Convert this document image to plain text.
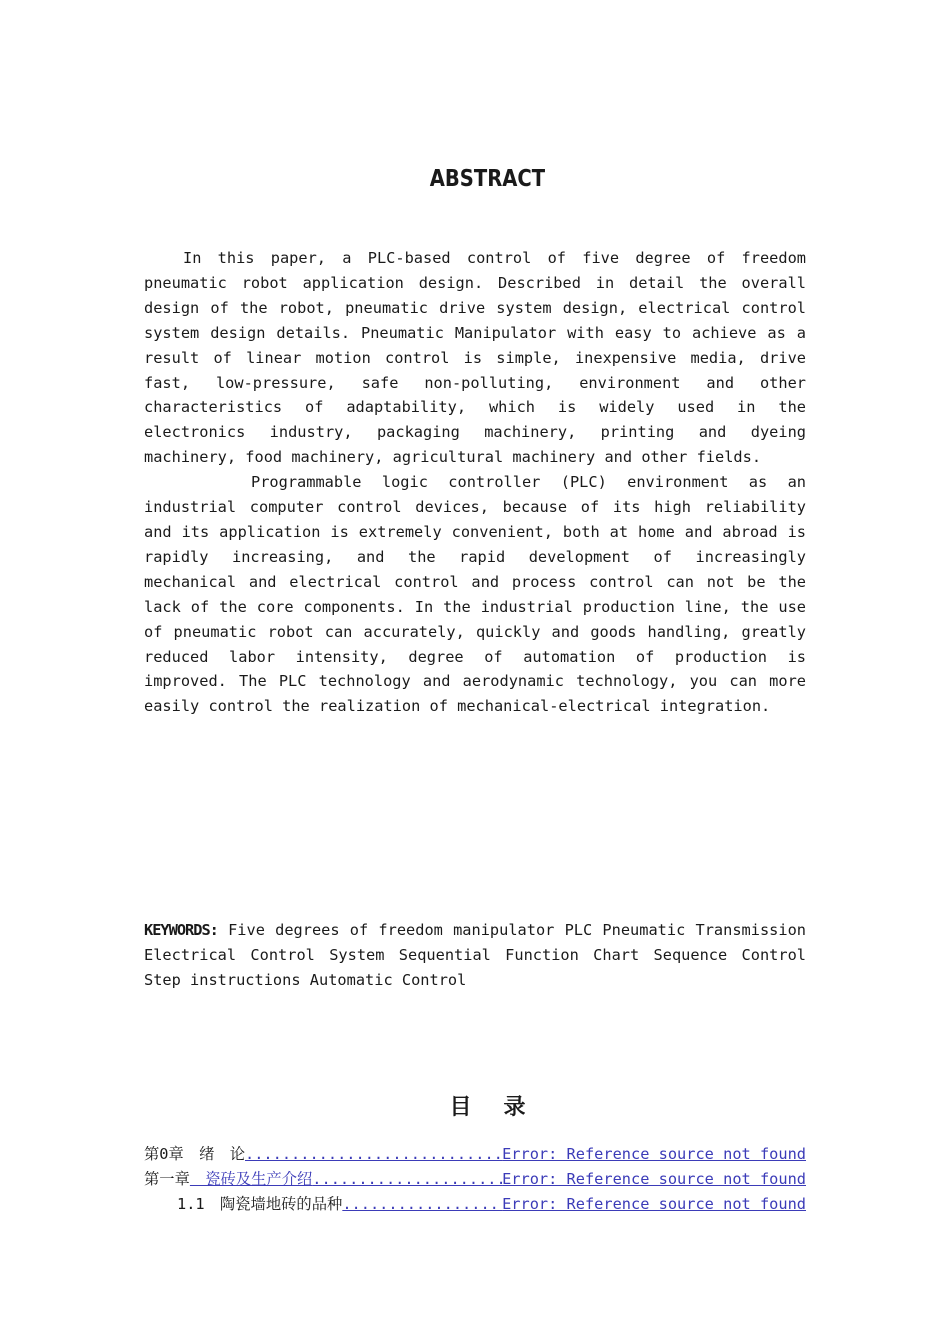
ABSTRACT

In this paper, a PLC-based control of five degree of freedom pneumatic robot application design. Described in detail the overall design of the robot, pneumatic drive system design, electrical control system design details. Pneumatic Manipulator with easy to achieve as a result of linear motion control is simple, inexpensive media, drive fast, low-pressure, safe non-polluting, environment and other characteristics of adaptability, which is widely used in the electronics industry, packaging machinery, printing and dyeing machinery, food machinery, agricultural machinery and other fields.

Programmable logic controller (PLC) environment as an industrial computer control devices, because of its high reliability and its application is extremely convenient, both at home and abroad is rapidly increasing, and the rapid development of increasingly mechanical and electrical control and process control can not be the lack of the core components. In the industrial production line, the use of pneumatic robot can accurately, quickly and goods handling, greatly reduced labor intensity, degree of automation of production is improved. The PLC technology and aerodynamic technology, you can more easily control the realization of mechanical-electrical integration.

KEYWORDS: Five degrees of freedom manipulator PLC Pneumatic Transmission Electrical Control System Sequential Function Chart Sequence Control Step instructions Automatic Control
目录
第0章　绪　论 .....	Error: Reference source not found
第一章 　瓷砖及生产介绍 .....	Error: Reference source not found
1.1　陶瓷墙地砖的品种 .....	Error: Reference source not found
